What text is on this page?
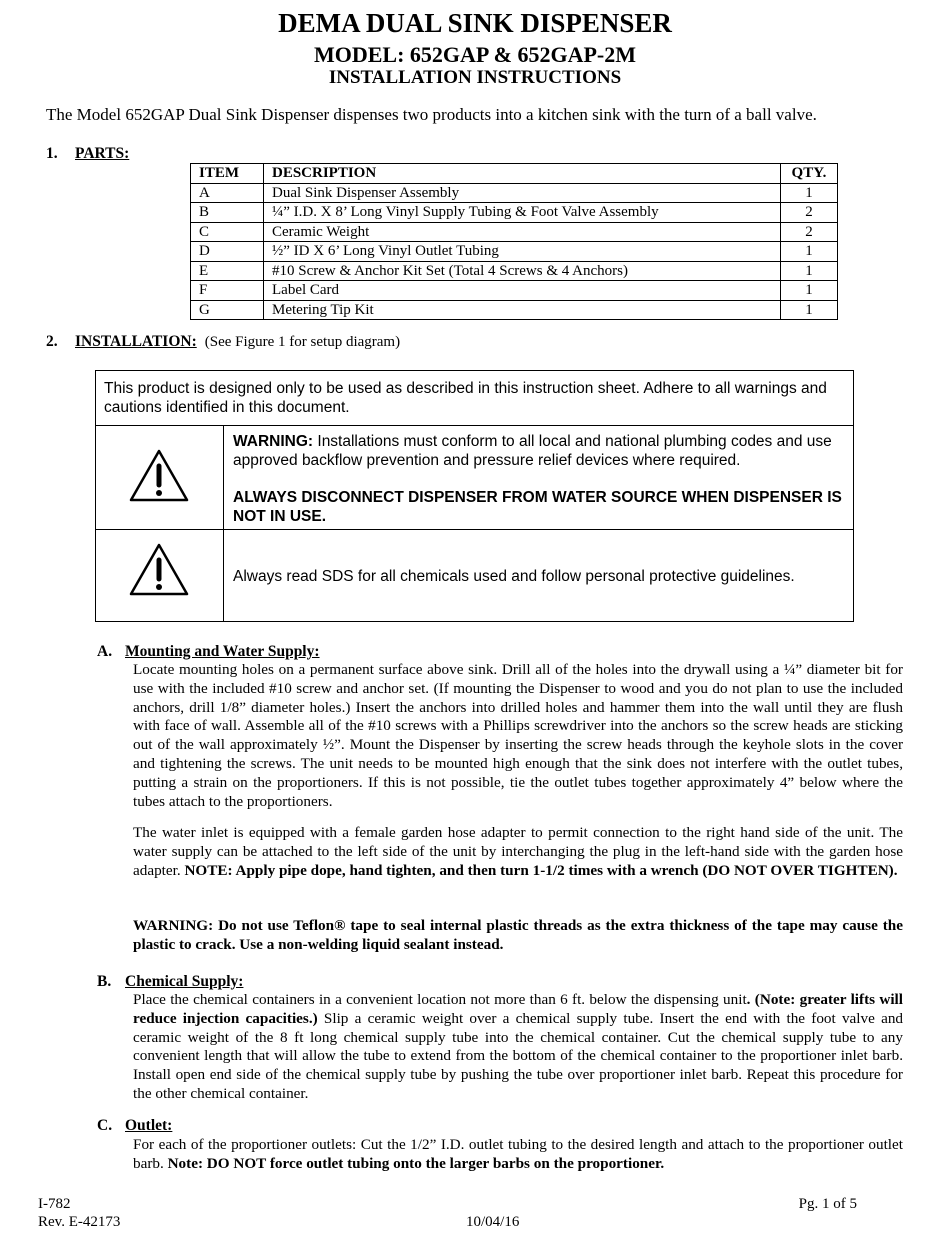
DEMA DUAL SINK DISPENSER
MODEL: 652GAP & 652GAP-2M
INSTALLATION INSTRUCTIONS
The Model 652GAP Dual Sink Dispenser dispenses two products into a kitchen sink with the turn of a ball valve.
1. PARTS:
ITEM	DESCRIPTION	QTY.
A	Dual Sink Dispenser Assembly	1
B	¼” I.D. X 8’ Long Vinyl Supply Tubing & Foot Valve Assembly	2
C	Ceramic Weight	2
D	½” ID X 6’ Long Vinyl Outlet Tubing	1
E	#10 Screw & Anchor Kit Set (Total 4 Screws & 4 Anchors)	1
F	Label Card	1
G	Metering Tip Kit	1
2. INSTALLATION: (See Figure 1 for setup diagram)
This product is designed only to be used as described in this instruction sheet. Adhere to all warnings and cautions identified in this document.
WARNING: Installations must conform to all local and national plumbing codes and use approved backflow prevention and pressure relief devices where required.
ALWAYS DISCONNECT DISPENSER FROM WATER SOURCE WHEN DISPENSER IS NOT IN USE.
Always read SDS for all chemicals used and follow personal protective guidelines.
A. Mounting and Water Supply:
Locate mounting holes on a permanent surface above sink. Drill all of the holes into the drywall using a ¼” diameter bit for use with the included #10 screw and anchor set. (If mounting the Dispenser to wood and you do not plan to use the included anchors, drill 1/8” diameter holes.) Insert the anchors into drilled holes and hammer them into the wall until they are flush with face of wall. Assemble all of the #10 screws with a Phillips screwdriver into the anchors so the screw heads are sticking out of the wall approximately ½”. Mount the Dispenser by inserting the screw heads through the keyhole slots in the cover and tightening the screws. The unit needs to be mounted high enough that the sink does not interfere with the outlet tubes, putting a strain on the proportioners. If this is not possible, tie the outlet tubes together approximately 4” below where the tubes attach to the proportioners.
The water inlet is equipped with a female garden hose adapter to permit connection to the right hand side of the unit. The water supply can be attached to the left side of the unit by interchanging the plug in the left-hand side with the garden hose adapter. NOTE: Apply pipe dope, hand tighten, and then turn 1-1/2 times with a wrench (DO NOT OVER TIGHTEN).
WARNING: Do not use Teflon® tape to seal internal plastic threads as the extra thickness of the tape may cause the plastic to crack. Use a non-welding liquid sealant instead.
B. Chemical Supply:
Place the chemical containers in a convenient location not more than 6 ft. below the dispensing unit. (Note: greater lifts will reduce injection capacities.) Slip a ceramic weight over a chemical supply tube. Insert the end with the foot valve and ceramic weight of the 8 ft long chemical supply tube into the chemical container. Cut the chemical supply tube to any convenient length that will allow the tube to extend from the bottom of the chemical container to the proportioner inlet barb. Install open end side of the chemical supply tube by pushing the tube over proportioner inlet barb. Repeat this procedure for the other chemical container.
C. Outlet:
For each of the proportioner outlets: Cut the 1/2” I.D. outlet tubing to the desired length and attach to the proportioner outlet barb. Note: DO NOT force outlet tubing onto the larger barbs on the proportioner.
I-782
Rev. E-42173	10/04/16
Pg. 1 of 5
